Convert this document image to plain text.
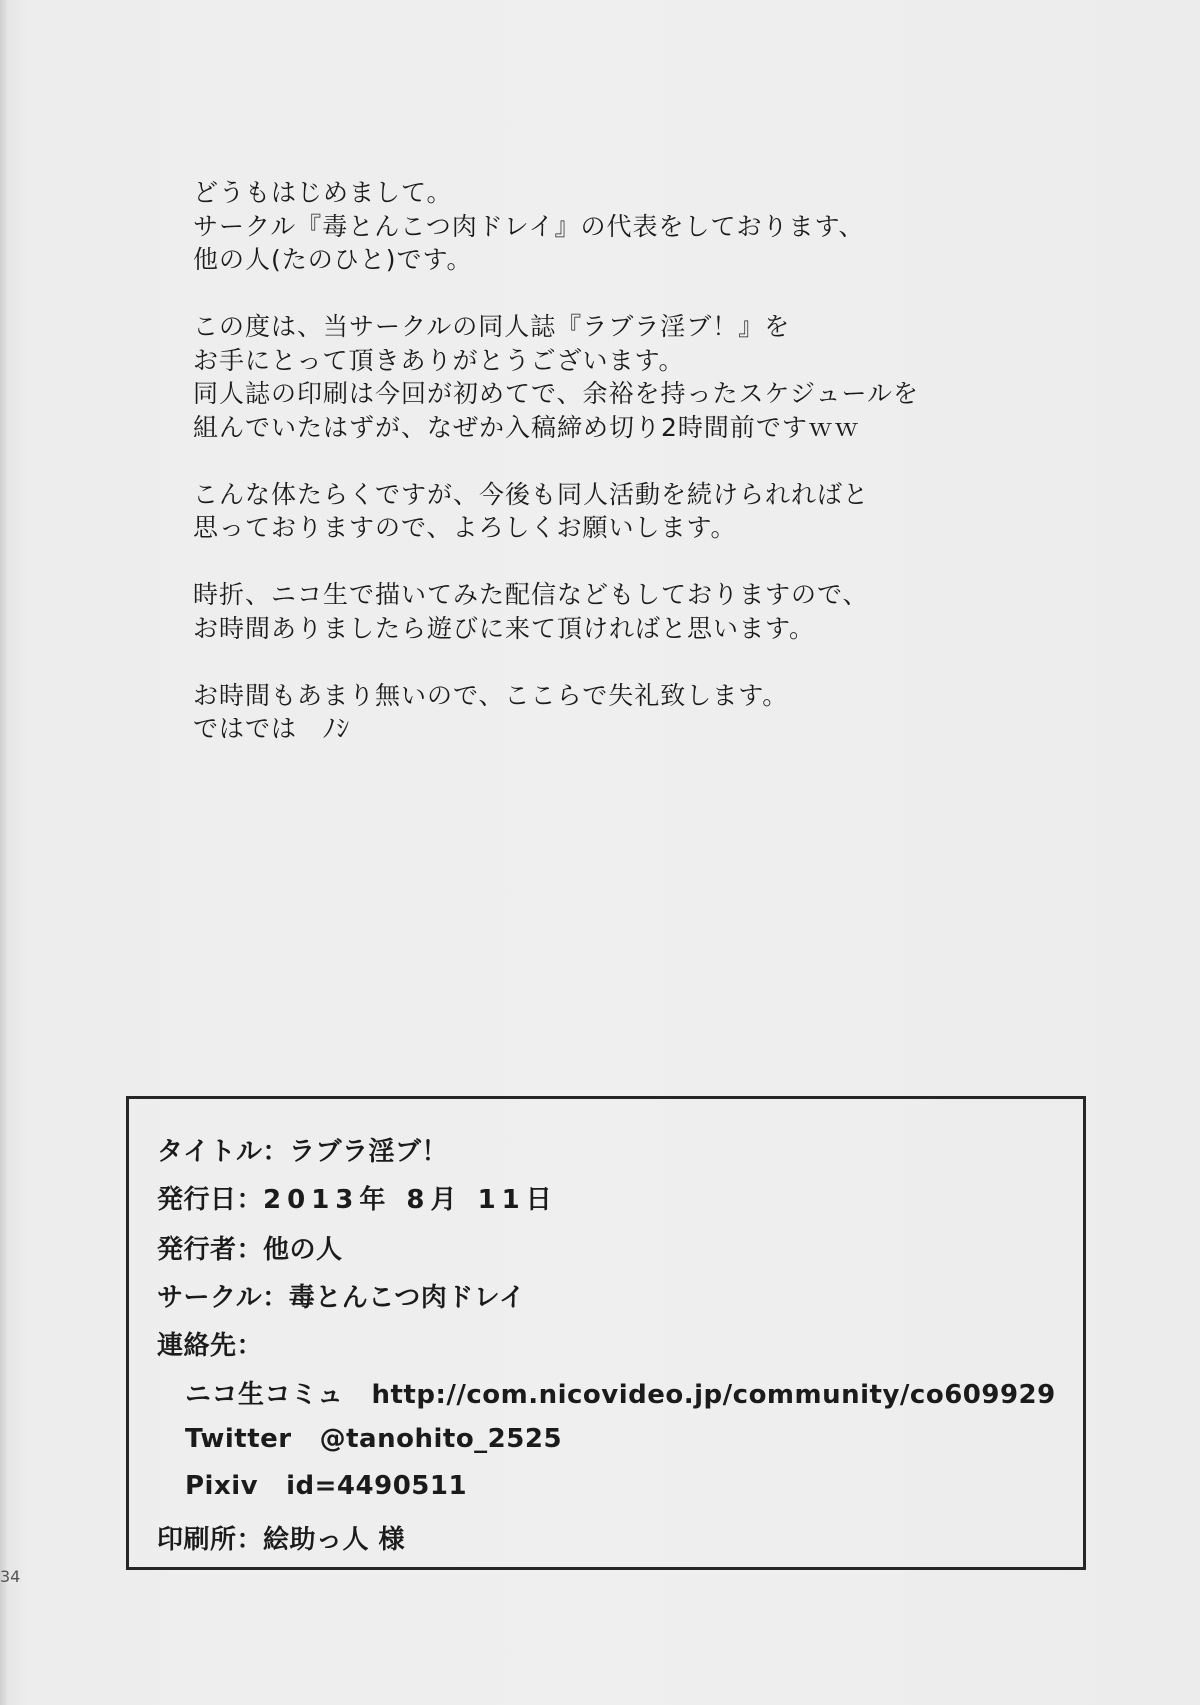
どうもはじめまして。
サークル『毒とんこつ肉ドレイ』の代表をしております、
他の人(たのひと)です。

この度は、当サークルの同人誌『ラブラ淫ブ！』を
お手にとって頂きありがとうございます。
同人誌の印刷は今回が初めてで、余裕を持ったスケジュールを
組んでいたはずが、なぜか入稿締め切り2時間前ですｗｗ

こんな体たらくですが、今後も同人活動を続けられればと
思っておりますので、よろしくお願いします。

時折、ニコ生で描いてみた配信などもしておりますので、
お時間ありましたら遊びに来て頂ければと思います。

お時間もあまり無いので、ここらで失礼致します。
ではでは　ﾉｼ

タイトル：ラブラ淫ブ！
発行日：2013年 8月 11日
発行者：他の人
サークル：毒とんこつ肉ドレイ
連絡先：
ニコ生コミュ http://com.nicovideo.jp/community/co609929
Twitter @tanohito_2525
Pixiv id=4490511
印刷所：絵助っ人 様
34
